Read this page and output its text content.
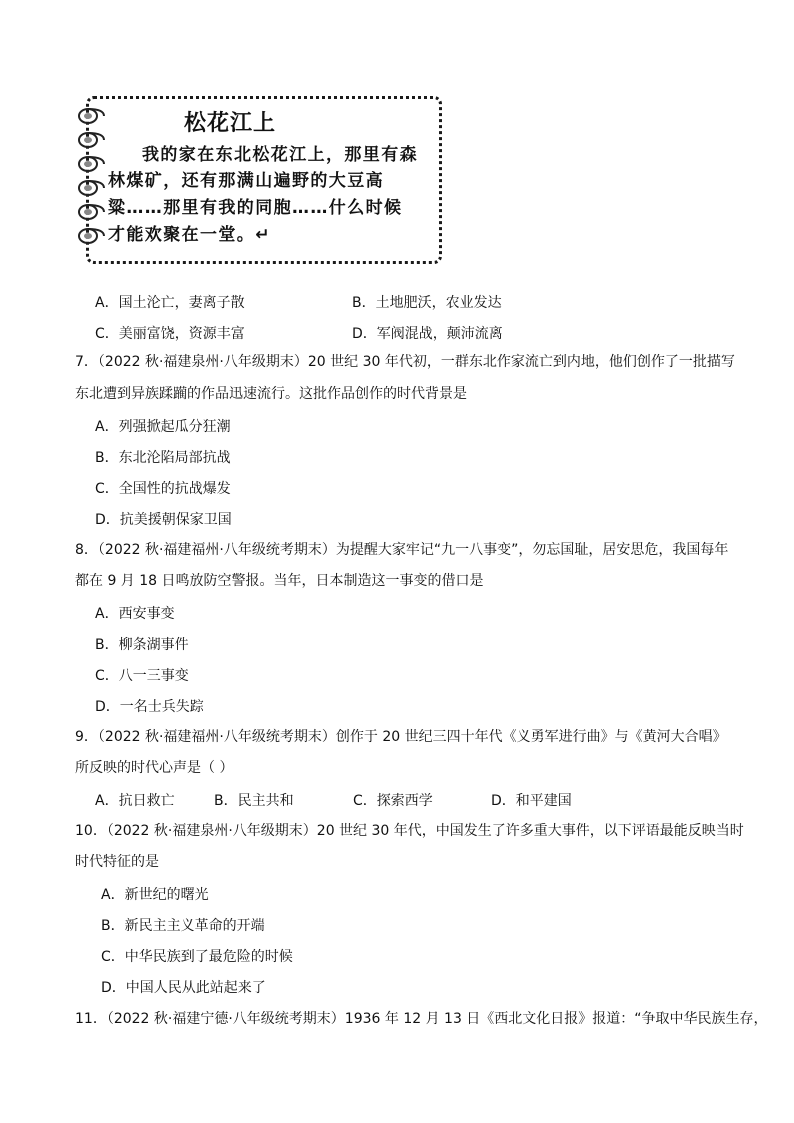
松花江上
我的家在东北松花江上，那里有森
林煤矿，还有那满山遍野的大豆高
粱……那里有我的同胞……什么时候
才能欢聚在一堂。↵
A．国土沦亡，妻离子散	B．土地肥沃，农业发达
C．美丽富饶，资源丰富	D．军阀混战，颠沛流离
7．（2022 秋·福建泉州·八年级期末）20 世纪 30 年代初，一群东北作家流亡到内地，他们创作了一批描写
东北遭到异族蹂躏的作品迅速流行。这批作品创作的时代背景是
A．列强掀起瓜分狂潮
B．东北沦陷局部抗战
C．全国性的抗战爆发
D．抗美援朝保家卫国
8．（2022 秋·福建福州·八年级统考期末）为提醒大家牢记“九一八事变”，勿忘国耻，居安思危，我国每年
都在 9 月 18 日鸣放防空警报。当年，日本制造这一事变的借口是
A．西安事变
B．柳条湖事件
C．八一三事变
D．一名士兵失踪
9．（2022 秋·福建福州·八年级统考期末）创作于 20 世纪三四十年代《义勇军进行曲》与《黄河大合唱》
所反映的时代心声是（ ）
A．抗日救亡	B．民主共和	C．探索西学	D．和平建国
10．（2022 秋·福建泉州·八年级期末）20 世纪 30 年代，中国发生了许多重大事件，以下评语最能反映当时
时代特征的是
A．新世纪的曙光
B．新民主主义革命的开端
C．中华民族到了最危险的时候
D．中国人民从此站起来了
11．（2022 秋·福建宁德·八年级统考期末）1936 年 12 月 13 日《西北文化日报》报道：“争取中华民族生存，
